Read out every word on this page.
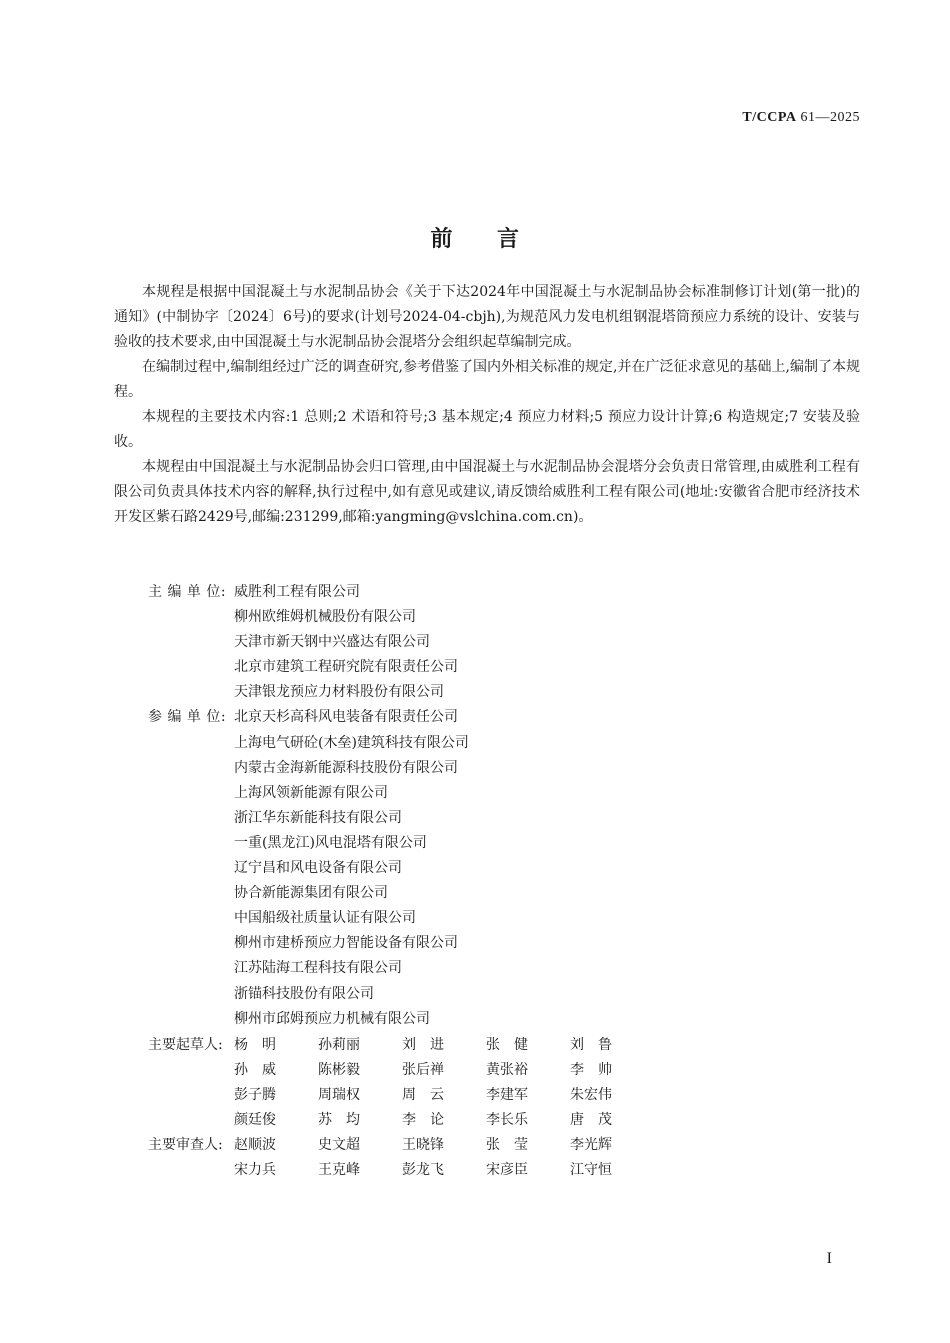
T/CCPA 61—2025
前 言

本规程是根据中国混凝土与水泥制品协会《关于下达2024年中国混凝土与水泥制品协会标准制修订计划(第一批)的通知》(中制协字〔2024〕6号)的要求(计划号2024-04-cbjh),为规范风力发电机组钢混塔筒预应力系统的设计、安装与验收的技术要求,由中国混凝土与水泥制品协会混塔分会组织起草编制完成。

在编制过程中,编制组经过广泛的调查研究,参考借鉴了国内外相关标准的规定,并在广泛征求意见的基础上,编制了本规程。

本规程的主要技术内容:1 总则;2 术语和符号;3 基本规定;4 预应力材料;5 预应力设计计算;6 构造规定;7 安装及验收。

本规程由中国混凝土与水泥制品协会归口管理,由中国混凝土与水泥制品协会混塔分会负责日常管理,由威胜利工程有限公司负责具体技术内容的解释,执行过程中,如有意见或建议,请反馈给威胜利工程有限公司(地址:安徽省合肥市经济技术开发区紫石路2429号,邮编:231299,邮箱:yangming@vslchina.com.cn)。

主 编 单 位: 威胜利工程有限公司
柳州欧维姆机械股份有限公司
天津市新天钢中兴盛达有限公司
北京市建筑工程研究院有限责任公司
天津银龙预应力材料股份有限公司
参 编 单 位: 北京天杉高科风电装备有限责任公司
上海电气研砼(木垒)建筑科技有限公司
内蒙古金海新能源科技股份有限公司
上海风领新能源有限公司
浙江华东新能科技有限公司
一重(黑龙江)风电混塔有限公司
辽宁昌和风电设备有限公司
协合新能源集团有限公司
中国船级社质量认证有限公司
柳州市建桥预应力智能设备有限公司
江苏陆海工程科技有限公司
浙锚科技股份有限公司
柳州市邱姆预应力机械有限公司
主要起草人: 杨　明	孙莉丽	刘　进	张　健	刘　鲁
孙　威	陈彬毅	张后禅	黄张裕	李　帅
彭子腾	周瑞权	周　云	李建军	朱宏伟
颜廷俊	苏　均	李　论	李长乐	唐　茂
主要审查人: 赵顺波	史文超	王晓锋	张　莹	李光辉
宋力兵	王克峰	彭龙飞	宋彦臣	江守恒
I
